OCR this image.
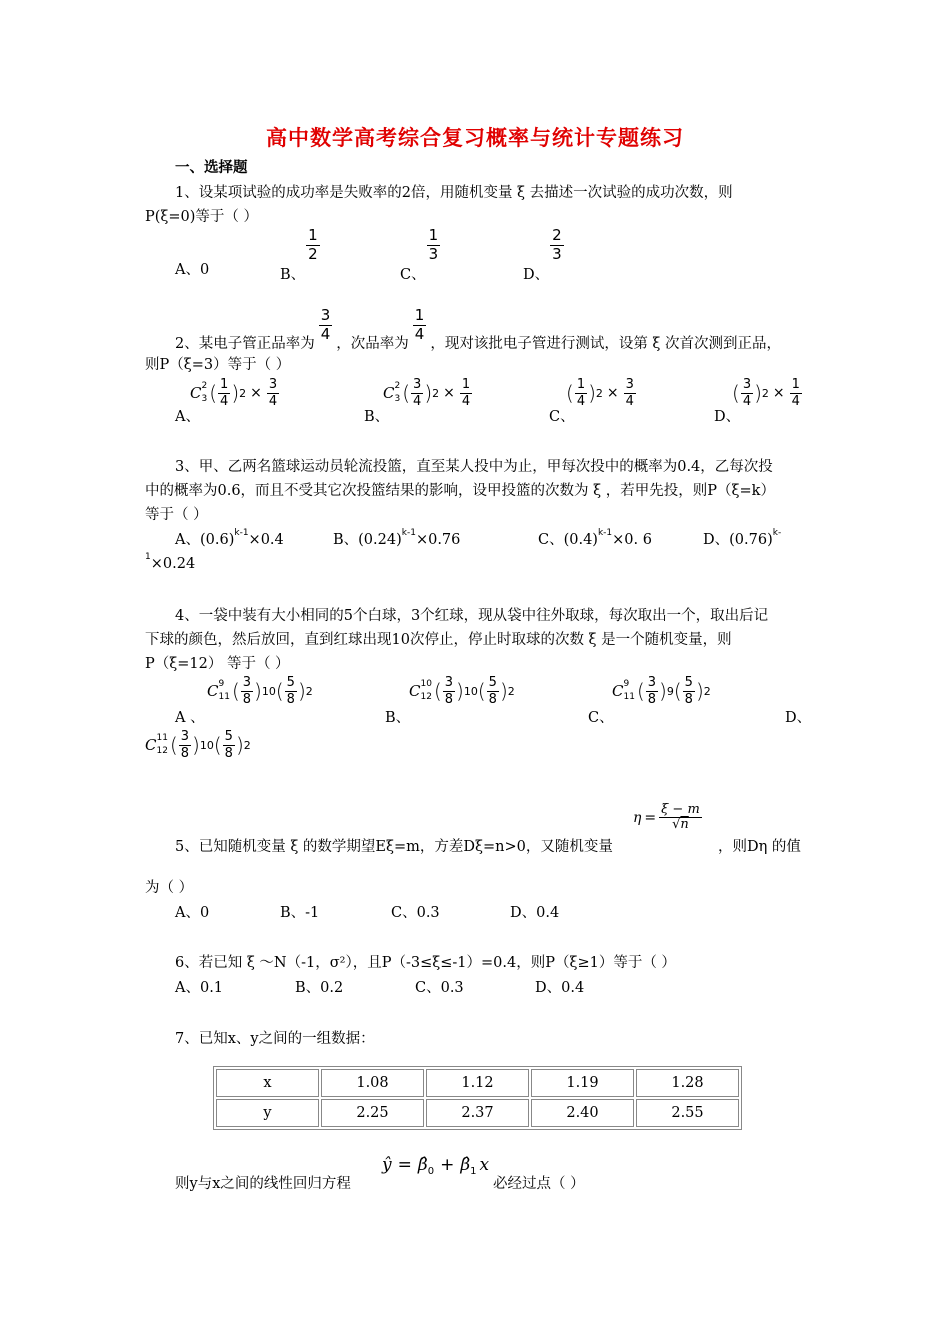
高中数学高考综合复习概率与统计专题练习
一、选择题
1、设某项试验的成功率是失败率的2倍，用随机变量 ξ 去描述一次试验的成功次数，则
P(ξ=0)等于（ ）
A、0	B、
$\frac{1}{2}$
C、
$\frac{1}{3}$
D、
$\frac{2}{3}$
2、某电子管正品率为
$\frac{3}{4}$
，次品率为
$\frac{1}{4}$
，现对该批电子管进行测试，设第 ξ 次首次测到正品，
则P（ξ=3）等于（ ）
A、
C 2
3 ( $\frac{1}{4}$ ) $2 \times \frac{3}{4}$
B、
C 2
3 ( $\frac{3}{4}$ ) $2 \times \frac{1}{4}$
C、
( $\frac{1}{4}$ ) $2 \times \frac{3}{4}$
D、
( $\frac{3}{4}$ ) $2 \times \frac{1}{4}$
3、甲、乙两名篮球运动员轮流投篮，直至某人投中为止，甲每次投中的概率为0.4，乙每次投
中的概率为0.6，而且不受其它次投篮结果的影响，设甲投篮的次数为 ξ ，若甲先投，则P（ξ=k）
等于（ ）
A、$(0.6)^{k-1}\times 0.4$	B、$(0.24)^{k-1}\times 0.76$	C、$(0.4)^{k-1}\times 0$. 6	D、$(0.76)^{k-}$
$^1$×0.24
4、一袋中装有大小相同的5个白球，3个红球，现从袋中往外取球，每次取出一个，取出后记
下球的颜色，然后放回，直到红球出现10次停止，停止时取球的次数 ξ 是一个随机变量，则
P（ξ=12） 等于（ ）
A 、
C 9
11 ( $\frac{3}{8}$ ) 10 ( $\frac{5}{8}$ ) 2
B、
C 10
12 ( $\frac{3}{8}$ ) 10 ( $\frac{5}{8}$ ) 2
C、
C 9
11 ( $\frac{3}{8}$ ) 9 ( $\frac{5}{8}$ ) 2
D、
C 11
12 ( $\frac{3}{8}$ ) 10 ( $\frac{5}{8}$ ) 2
5、已知随机变量 ξ 的数学期望Eξ=m，方差Dξ=n>0，又随机变量
$\eta = \frac{\xi - m}{√n}$
，则Dη 的值
为（ ）
A、0	B、-1	C、0.3	D、0.4
6、若已知 ξ ～N（-1，σ²），且P（-3≤ξ≤-1）=0.4，则P（ξ≥1）等于（ ）
A、0.1	B、0.2	C、0.3	D、0.4
7、已知x、y之间的一组数据：
x	1.08	1.12	1.19	1.28
y	2.25	2.37	2.40	2.55
则y与x之间的线性回归方程
ŷ = β̂ 0 + β̂ 1 x
必经过点（ ）
